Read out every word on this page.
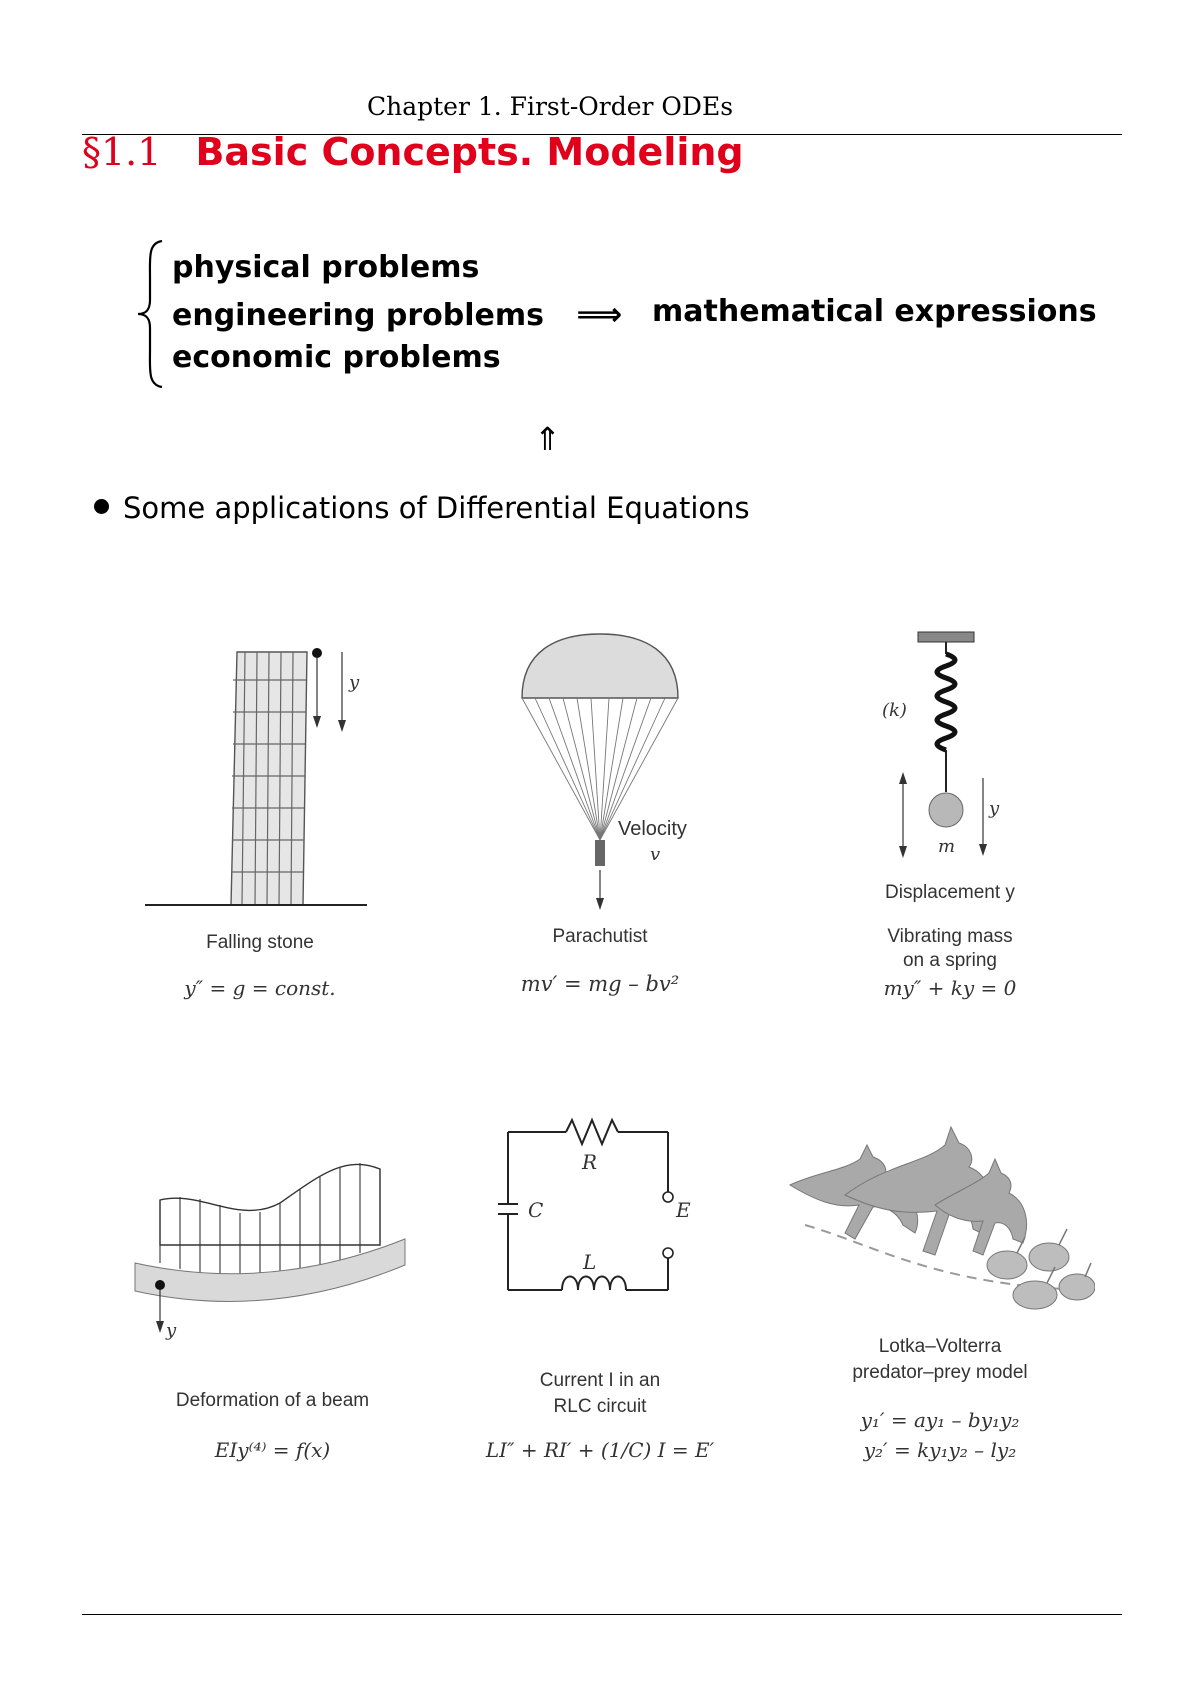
Chapter 1. First-Order ODEs
§1.1 Basic Concepts. Modeling
physical problems
engineering problems ⟹
economic problems
mathematical expressions
⇑
Some applications of Differential Equations
y
Falling stone
y″ = g = const.
Velocity
v
Parachutist
mv′ = mg – bv²
(k)
y
m
Displacement y
Vibrating mass
on a spring
my″ + ky = 0
y
Deformation of a beam
EIy⁽⁴⁾ = f(x)
R
C	E
L
Current I in an
RLC circuit
LI″ + RI′ + (1/C) I = E′
Lotka–Volterra
predator–prey model
y₁′ = ay₁ – by₁y₂
y₂′ = ky₁y₂ – ly₂
